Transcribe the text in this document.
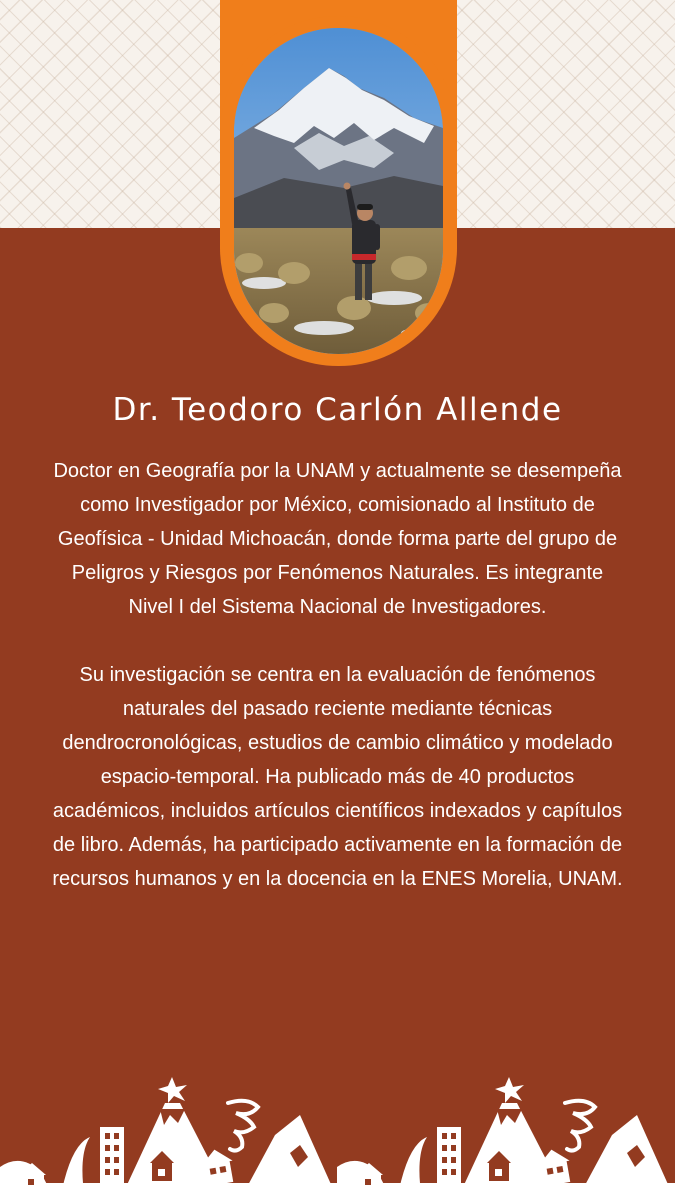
Dr. Teodoro Carlón Allende

Doctor en Geografía por la UNAM y actualmente se desempeña como Investigador por México, comisionado al Instituto de Geofísica - Unidad Michoacán, donde forma parte del grupo de Peligros y Riesgos por Fenómenos Naturales. Es integrante Nivel I del Sistema Nacional de Investigadores.

Su investigación se centra en la evaluación de fenómenos naturales del pasado reciente mediante técnicas dendrocronológicas, estudios de cambio climático y modelado espacio-temporal. Ha publicado más de 40 productos académicos, incluidos artículos científicos indexados y capítulos de libro. Además, ha participado activamente en la formación de recursos humanos y en la docencia en la ENES Morelia, UNAM.
